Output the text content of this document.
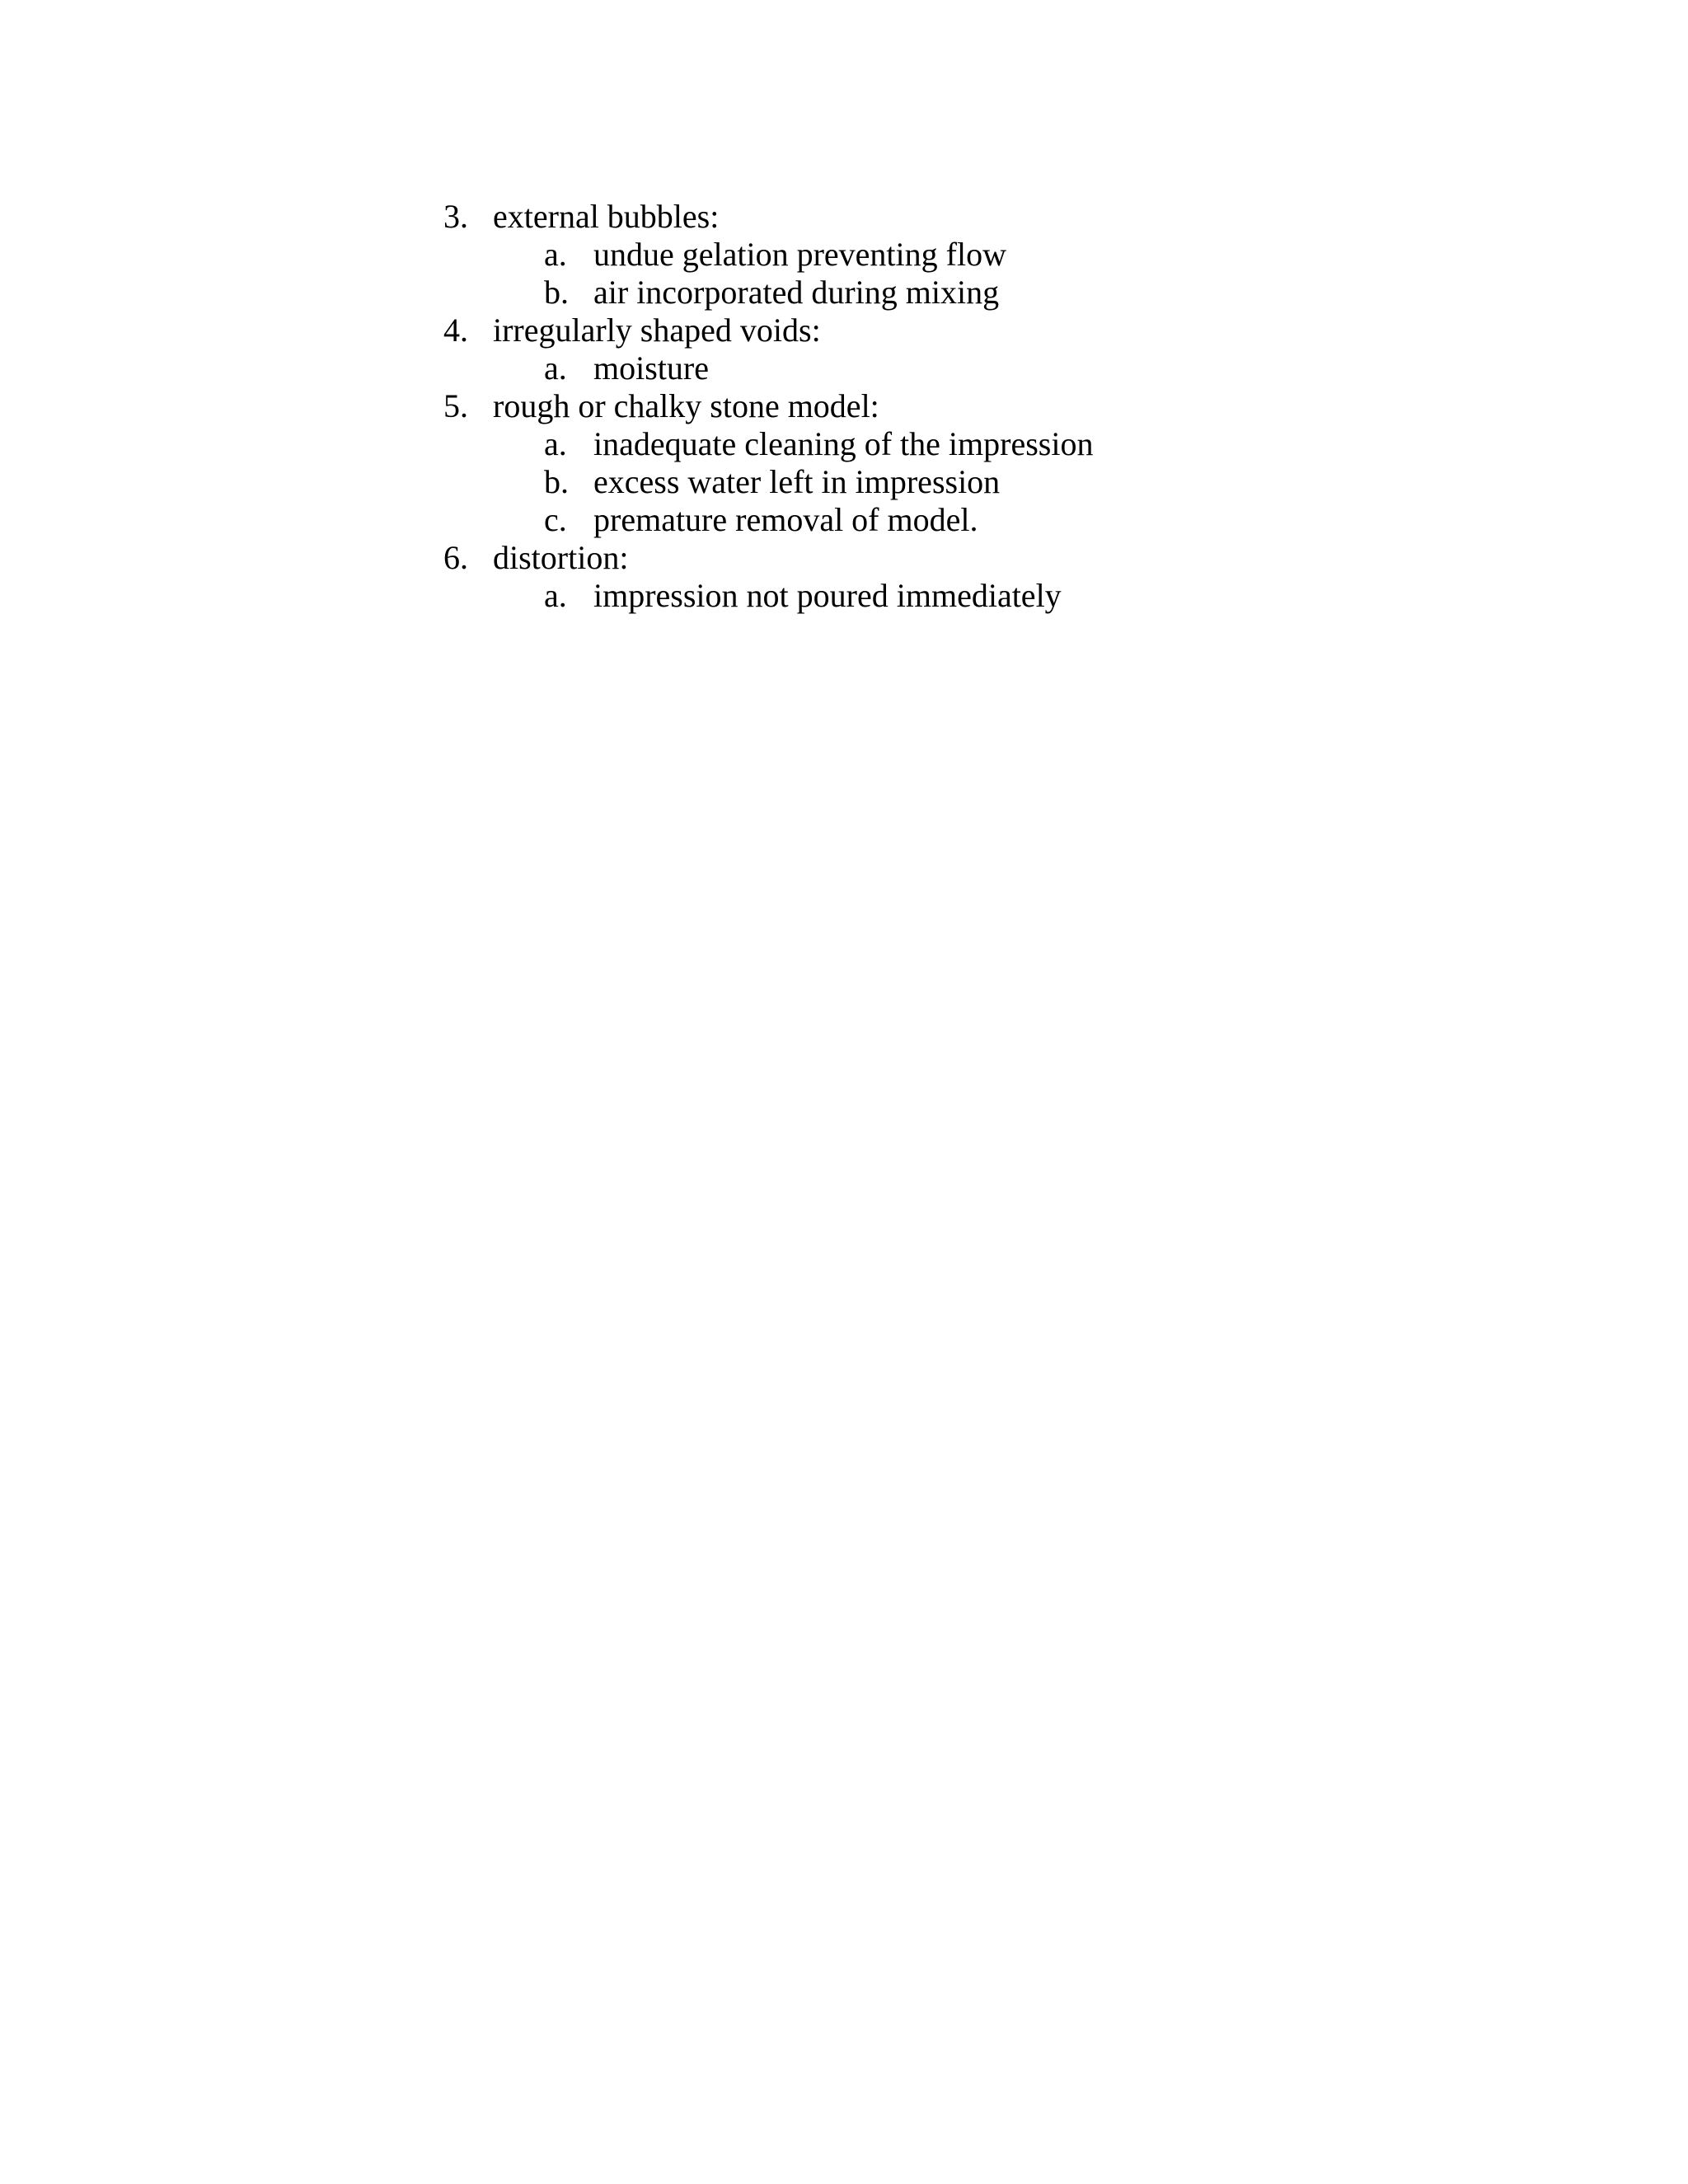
3. external bubbles:
a. undue gelation preventing flow
b. air incorporated during mixing
4. irregularly shaped voids:
a. moisture
5. rough or chalky stone model:
a. inadequate cleaning of the impression
b. excess water left in impression
c. premature removal of model.
6. distortion:
a. impression not poured immediately
